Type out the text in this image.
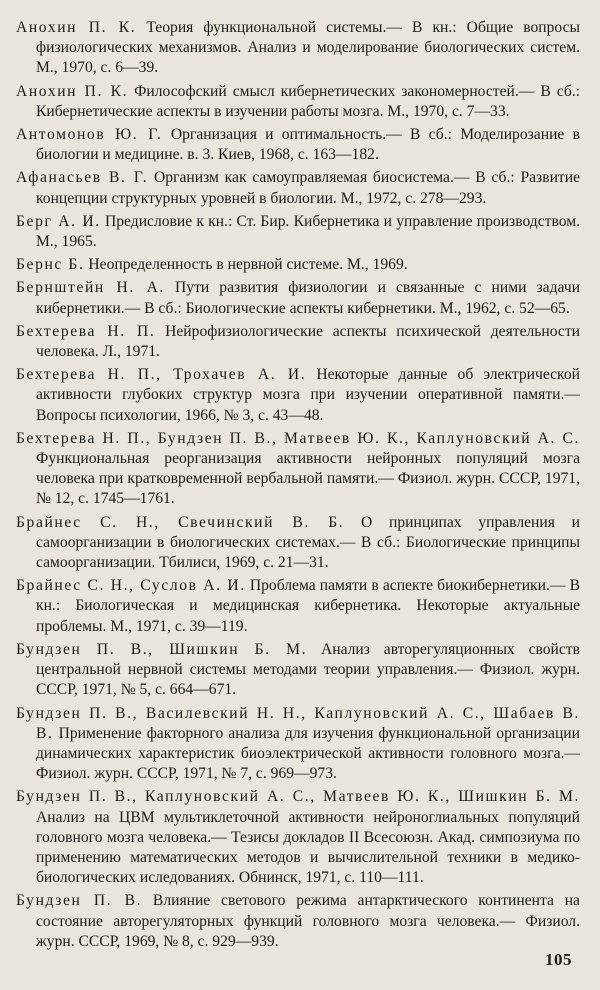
Анохин П. К. Теория функциональной системы.— В кн.: Общие вопросы физиологических механизмов. Анализ и моделирование биологических систем. М., 1970, с. 6—39.

Анохин П. К. Философский смысл кибернетических закономерностей.— В сб.: Кибернетические аспекты в изучении работы мозга. М., 1970, с. 7—33.

Антомонов Ю. Г. Организация и оптимальность.— В сб.: Моделирозание в биологии и медицине. в. 3. Киев, 1968, с. 163—182.

Афанасьев В. Г. Организм как самоуправляемая биосистема.— В сб.: Развитие концепции структурных уровней в биологии. М., 1972, с. 278—293.

Берг А. И. Предисловие к кн.: Ст. Бир. Кибернетика и управление производством. М., 1965.

Бернс Б. Неопределенность в нервной системе. М., 1969.

Бернштейн Н. А. Пути развития физиологии и связанные с ними задачи кибернетики.— В сб.: Биологические аспекты кибернетики. М., 1962, с. 52—65.

Бехтерева Н. П. Нейрофизиологические аспекты психической деятельности человека. Л., 1971.

Бехтерева Н. П., Трохачев А. И. Некоторые данные об электрической активности глубоких структур мозга при изучении оперативной памяти.— Вопросы психологии, 1966, № 3, с. 43—48.

Бехтерева Н. П., Бундзен П. В., Матвеев Ю. К., Каплуновский А. С. Функциональная реорганизация активности нейронных популяций мозга человека при кратковременной вербальной памяти.— Физиол. журн. СССР, 1971, № 12, с. 1745—1761.

Брайнес С. Н., Свечинский В. Б. О принципах управления и самоорганизации в биологических системах.— В сб.: Биологические принципы самоорганизации. Тбилиси, 1969, с. 21—31.

Брайнес С. Н., Суслов А. И. Проблема памяти в аспекте биокибернетики.— В кн.: Биологическая и медицинская кибернетика. Некоторые актуальные проблемы. М., 1971, с. 39—119.

Бундзен П. В., Шишкин Б. М. Анализ авторегуляционных свойств центральной нервной системы методами теории управления.— Физиол. журн. СССР, 1971, № 5, с. 664—671.

Бундзен П. В., Василевский Н. Н., Каплуновский А. С., Шабаев В. В. Применение факторного анализа для изучения функциональной организации динамических характеристик биоэлектрической активности головного мозга.— Физиол. журн. СССР, 1971, № 7, с. 969—973.

Бундзен П. В., Каплуновский А. С., Матвеев Ю. К., Шишкин Б. М. Анализ на ЦВМ мультиклеточной активности нейроноглиальных популяций головного мозга человека.— Тезисы докладов II Всесоюзн. Акад. симпозиума по применению математических методов и вычислительной техники в медико-биологических иследованиях. Обнинск, 1971, с. 110—111.

Бундзен П. В. Влияние светового режима антарктического континента на состояние авторегуляторных функций головного мозга человека.— Физиол. журн. СССР, 1969, № 8, с. 929—939.

105
